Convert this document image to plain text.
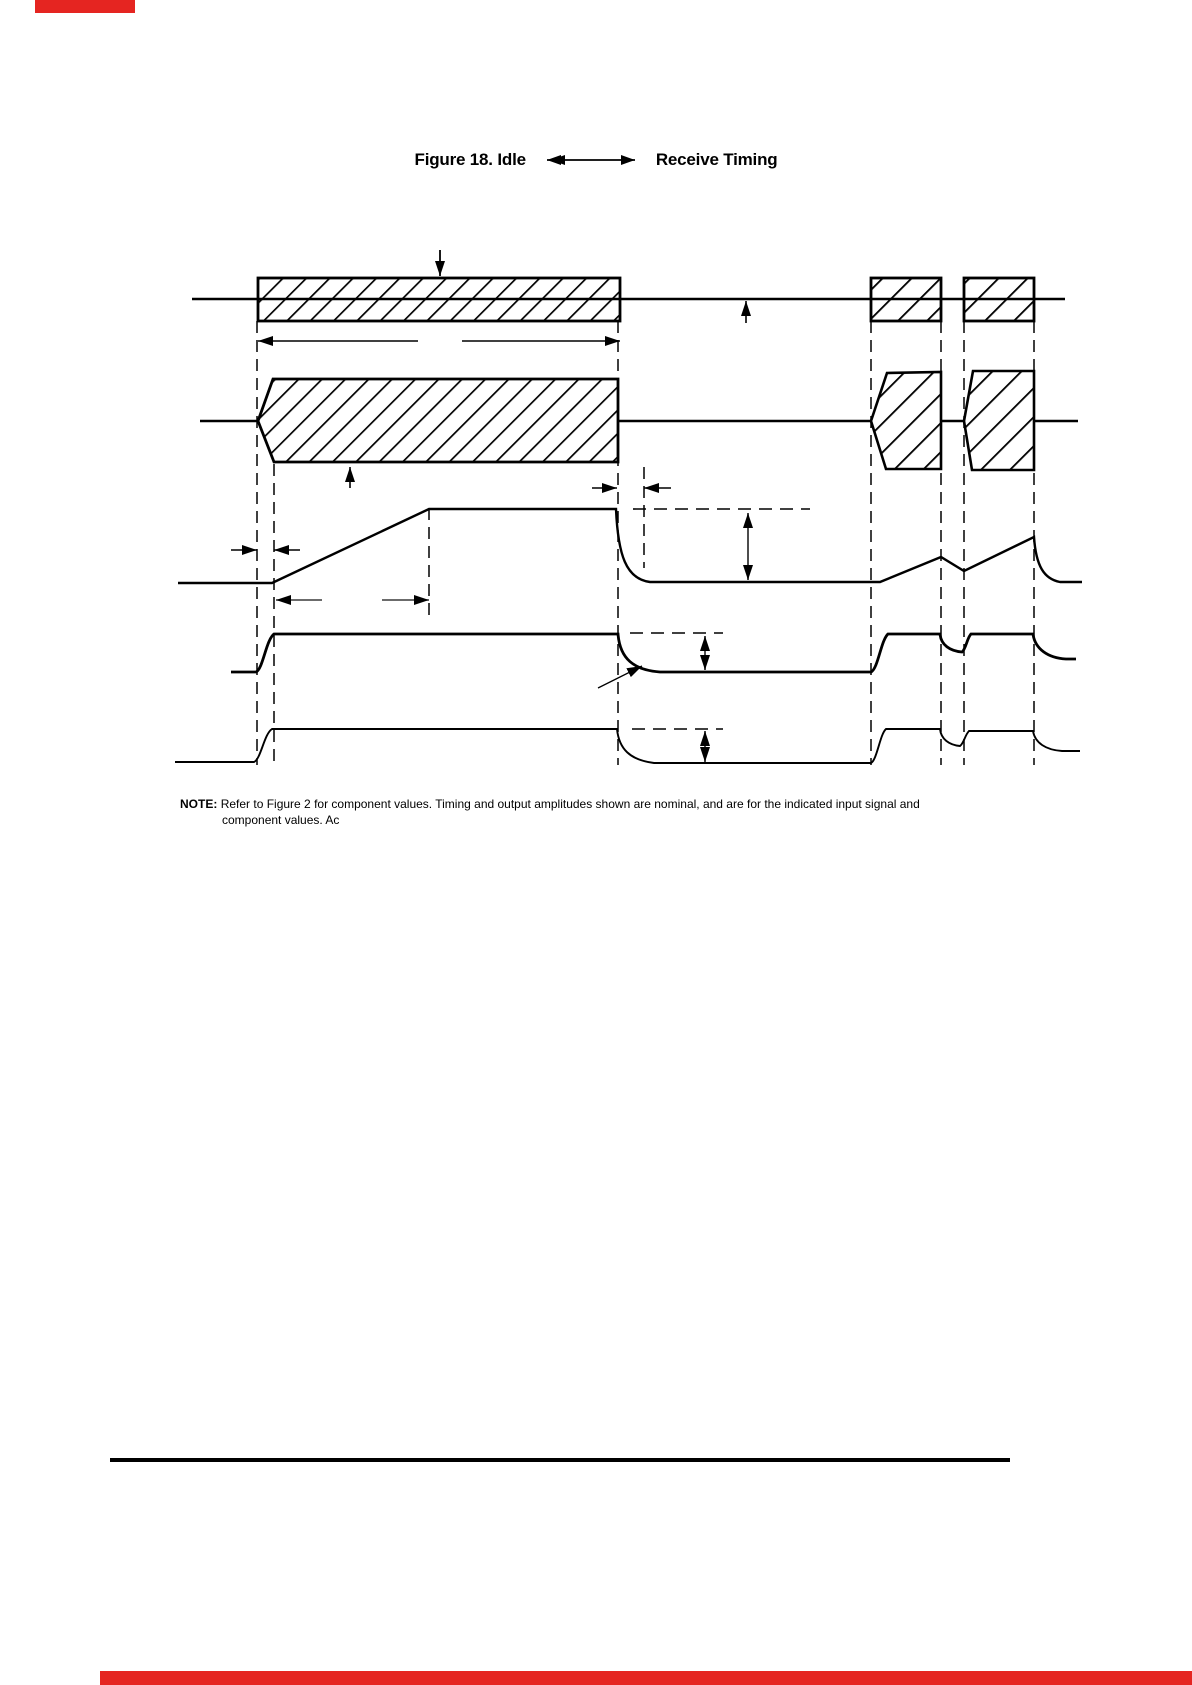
Figure 18. Idle	Receive Timing
NOTE: Refer to Figure 2 for component values. Timing and output amplitudes shown are nominal, and are for the indicated input signal and
component values. Ac
